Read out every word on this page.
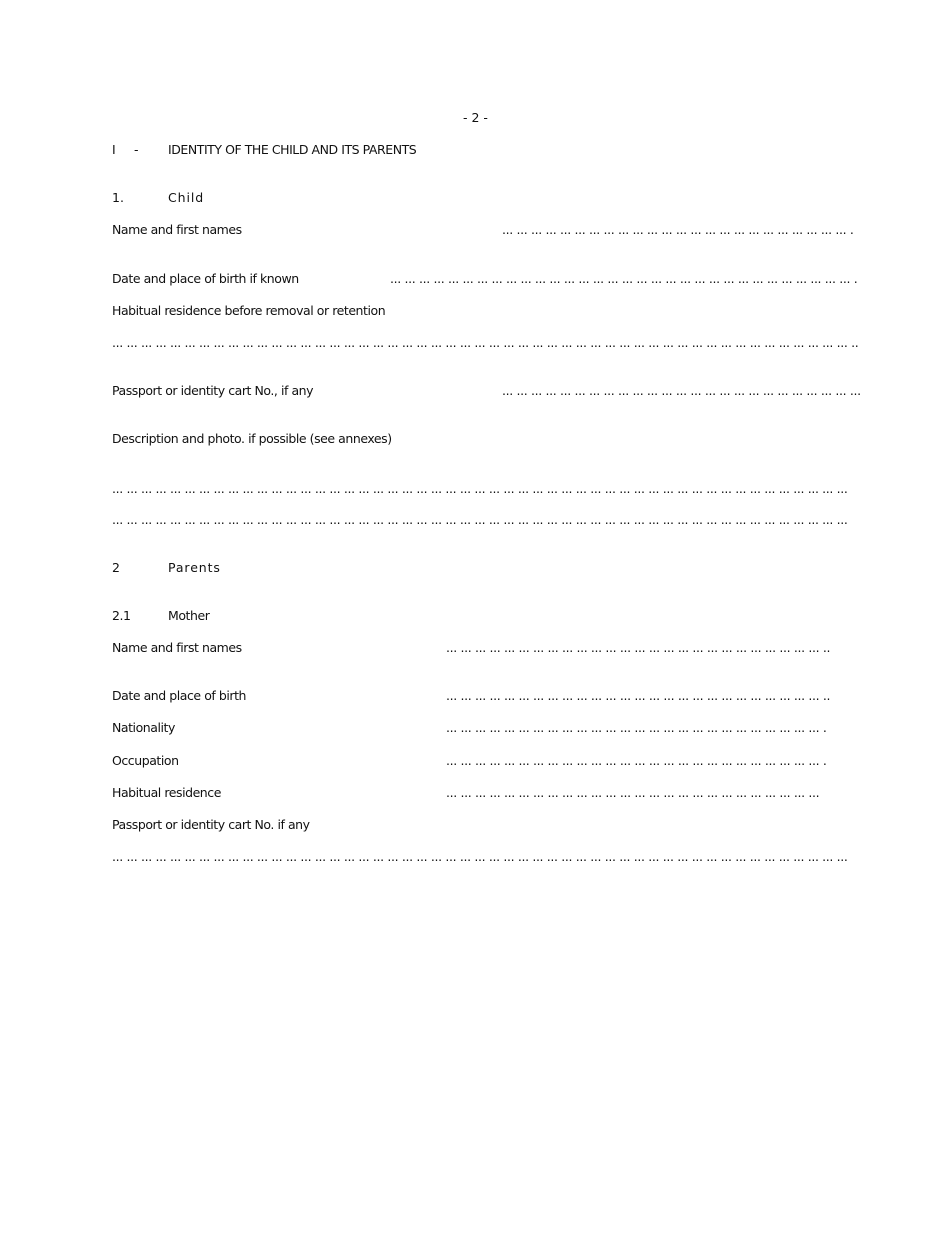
- 2 -
I - IDENTITY OF THE CHILD AND ITS PARENTS
1.	Child
Name and first names	... ... ... ... ... ... ... ... ... ... ... ... ... ... ... ... ... ... ... ... ... ... ... ... .
Date and place of birth if known	... ... ... ... ... ... ... ... ... ... ... ... ... ... ... ... ... ... ... ... ... ... ... ... ... ... ... ... ... ... ... ... .
Habitual residence before removal or retention
... ... ... ... ... ... ... ... ... ... ... ... ... ... ... ... ... ... ... ... ... ... ... ... ... ... ... ... ... ... ... ... ... ... ... ... ... ... ... ... ... ... ... ... ... ... ... ... ... ... ... ..
Passport or identity cart No., if any	... ... ... ... ... ... ... ... ... ... ... ... ... ... ... ... ... ... ... ... ... ... ... ... ...
Description and photo. if possible (see annexes)
... ... ... ... ... ... ... ... ... ... ... ... ... ... ... ... ... ... ... ... ... ... ... ... ... ... ... ... ... ... ... ... ... ... ... ... ... ... ... ... ... ... ... ... ... ... ... ... ... ... ...
... ... ... ... ... ... ... ... ... ... ... ... ... ... ... ... ... ... ... ... ... ... ... ... ... ... ... ... ... ... ... ... ... ... ... ... ... ... ... ... ... ... ... ... ... ... ... ... ... ... ...
2	Parents
2.1	Mother
Name and first names	... ... ... ... ... ... ... ... ... ... ... ... ... ... ... ... ... ... ... ... ... ... ... ... ... ... ..
Date and place of birth	... ... ... ... ... ... ... ... ... ... ... ... ... ... ... ... ... ... ... ... ... ... ... ... ... ... ..
Nationality	... ... ... ... ... ... ... ... ... ... ... ... ... ... ... ... ... ... ... ... ... ... ... ... ... ... .
Occupation	... ... ... ... ... ... ... ... ... ... ... ... ... ... ... ... ... ... ... ... ... ... ... ... ... ... .
Habitual residence	... ... ... ... ... ... ... ... ... ... ... ... ... ... ... ... ... ... ... ... ... ... ... ... ... ...
Passport or identity cart No. if any
... ... ... ... ... ... ... ... ... ... ... ... ... ... ... ... ... ... ... ... ... ... ... ... ... ... ... ... ... ... ... ... ... ... ... ... ... ... ... ... ... ... ... ... ... ... ... ... ... ... ...
